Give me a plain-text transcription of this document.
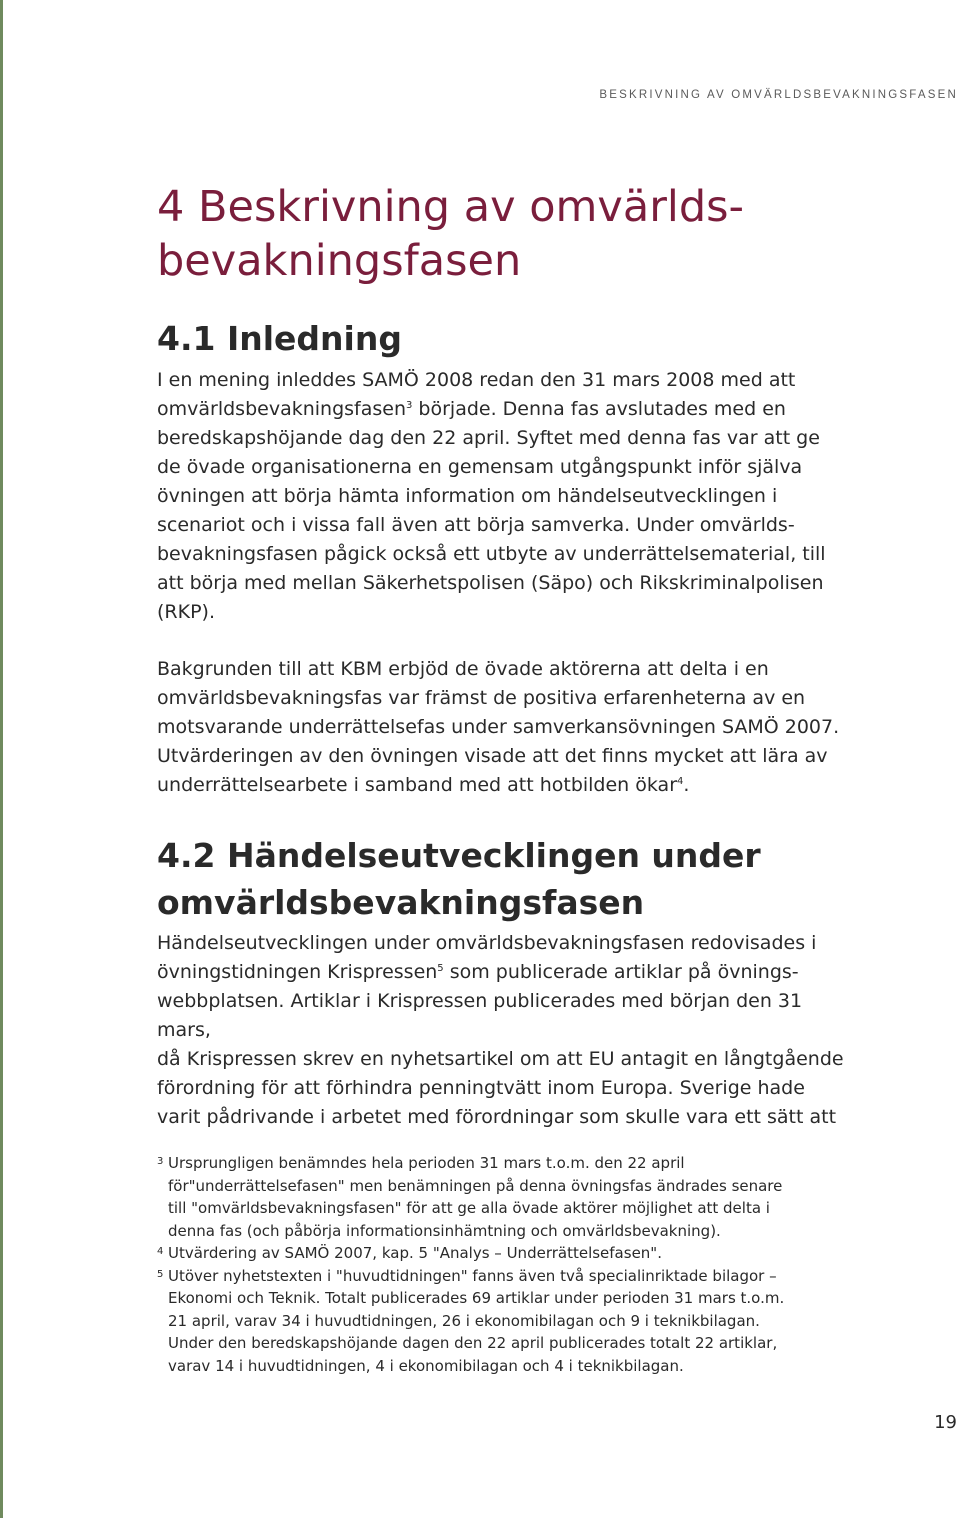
BESKRIVNING AV OMVÄRLDSBEVAKNINGSFASEN
4 Beskrivning av omvärlds-
bevakningsfasen
4.1 Inledning

I en mening inleddes SAMÖ 2008 redan den 31 mars 2008 med att
omvärldsbevakningsfasen$^3$ började. Denna fas avslutades med en
beredskapshöjande dag den 22 april. Syftet med denna fas var att ge
de övade organisationerna en gemensam utgångspunkt inför själva
övningen att börja hämta information om händelseutvecklingen i
scenariot och i vissa fall även att börja samverka. Under omvärlds-
bevakningsfasen pågick också ett utbyte av underrättelsematerial, till
att börja med mellan Säkerhetspolisen (Säpo) och Rikskriminalpolisen
(RKP).

Bakgrunden till att KBM erbjöd de övade aktörerna att delta i en
omvärldsbevakningsfas var främst de positiva erfarenheterna av en
motsvarande underrättelsefas under samverkansövningen SAMÖ 2007.
Utvärderingen av den övningen visade att det finns mycket att lära av
underrättelsearbete i samband med att hotbilden ökar$^4$.

4.2 Händelseutvecklingen under
omvärldsbevakningsfasen

Händelseutvecklingen under omvärldsbevakningsfasen redovisades i
övningstidningen Krispressen$^5$ som publicerade artiklar på övnings-
webbplatsen. Artiklar i Krispressen publicerades med början den 31 mars,
då Krispressen skrev en nyhetsartikel om att EU antagit en långtgående
förordning för att förhindra penningtvätt inom Europa. Sverige hade
varit pådrivande i arbetet med förordningar som skulle vara ett sätt att

3 Ursprungligen benämndes hela perioden 31 mars t.o.m. den 22 april
för"underrättelsefasen" men benämningen på denna övningsfas ändrades senare
till "omvärldsbevakningsfasen" för att ge alla övade aktörer möjlighet att delta i
denna fas (och påbörja informationsinhämtning och omvärldsbevakning).
4 Utvärdering av SAMÖ 2007, kap. 5 "Analys – Underrättelsefasen".
5 Utöver nyhetstexten i "huvudtidningen" fanns även två specialinriktade bilagor –
Ekonomi och Teknik. Totalt publicerades 69 artiklar under perioden 31 mars t.o.m.
21 april, varav 34 i huvudtidningen, 26 i ekonomibilagan och 9 i teknikbilagan.
Under den beredskapshöjande dagen den 22 april publicerades totalt 22 artiklar,
varav 14 i huvudtidningen, 4 i ekonomibilagan och 4 i teknikbilagan.
19
